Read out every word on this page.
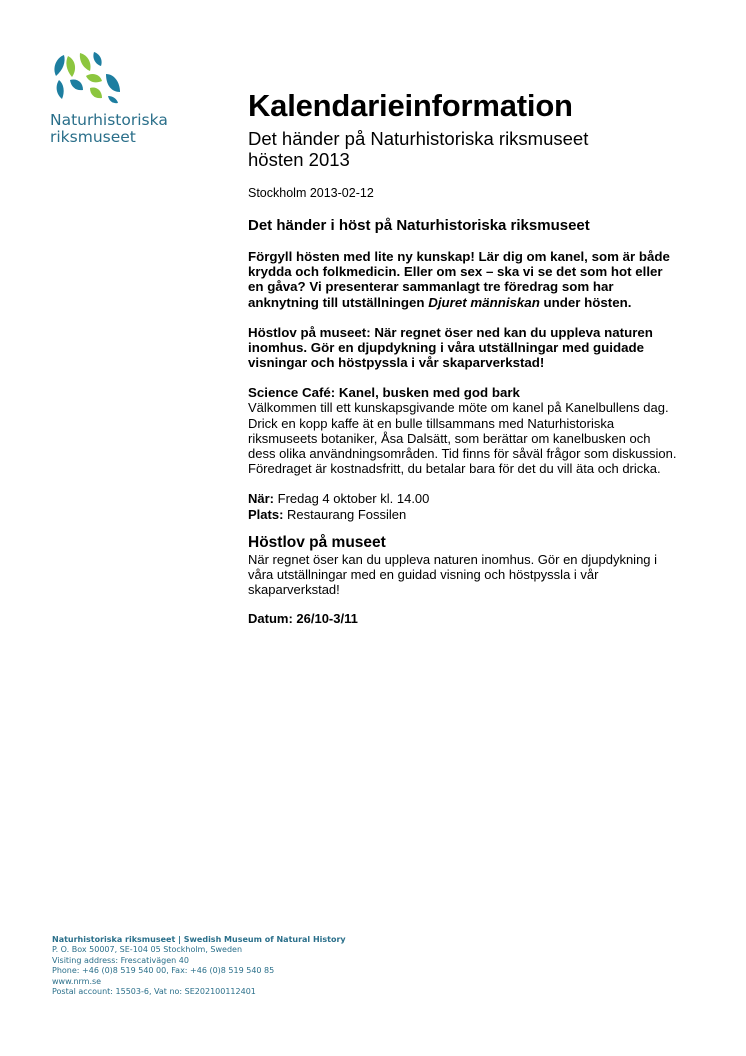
Naturhistoriska
riksmuseet
Kalendarieinformation
Det händer på Naturhistoriska riksmuseet
hösten 2013
Stockholm 2013-02-12
Det händer i höst på Naturhistoriska riksmuseet
Förgyll hösten med lite ny kunskap! Lär dig om kanel, som är både krydda och folkmedicin. Eller om sex – ska vi se det som hot eller en gåva? Vi presenterar sammanlagt tre föredrag som har anknytning till utställningen Djuret människan under hösten.
Höstlov på museet: När regnet öser ned kan du uppleva naturen inomhus. Gör en djupdykning i våra utställningar med guidade visningar och höstpyssla i vår skaparverkstad!
Science Café: Kanel, busken med god bark
Välkommen till ett kunskapsgivande möte om kanel på Kanelbullens dag. Drick en kopp kaffe ät en bulle tillsammans med Naturhistoriska riksmuseets botaniker, Åsa Dalsätt, som berättar om kanelbusken och dess olika användningsområden. Tid finns för såväl frågor som diskussion. Föredraget är kostnadsfritt, du betalar bara för det du vill äta och dricka.
När: Fredag 4 oktober kl. 14.00
Plats: Restaurang Fossilen
Höstlov på museet
När regnet öser kan du uppleva naturen inomhus. Gör en djupdykning i våra utställningar med en guidad visning och höstpyssla i vår skaparverkstad!
Datum: 26/10-3/11
Naturhistoriska riksmuseet | Swedish Museum of Natural History
P. O. Box 50007, SE-104 05 Stockholm, Sweden
Visiting address: Frescativägen 40
Phone: +46 (0)8 519 540 00, Fax: +46 (0)8 519 540 85
www.nrm.se
Postal account: 15503-6, Vat no: SE202100112401
